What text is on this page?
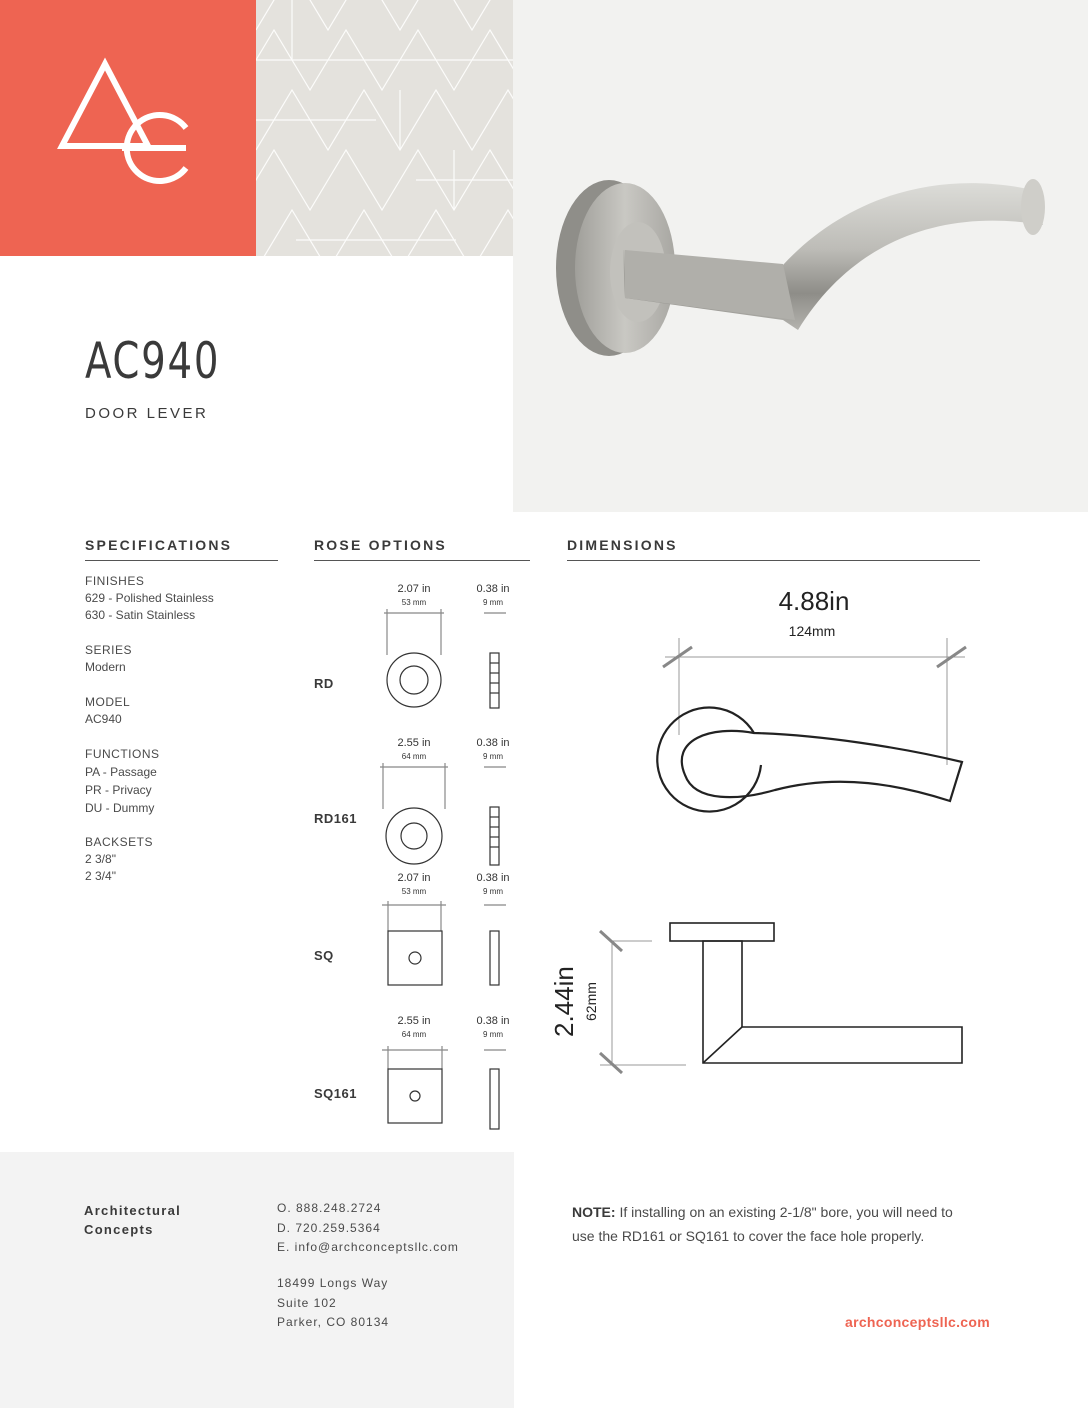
AC940
DOOR LEVER
SPECIFICATIONS	ROSE OPTIONS	DIMENSIONS
FINISHES
629 - Polished Stainless
630 - Satin Stainless
SERIES
Modern
MODEL
AC940
FUNCTIONS
PA - Passage
PR - Privacy
DU - Dummy
BACKSETS
2 3/8"
2 3/4"
RD
RD161
SQ
SQ161
2.07 in
53 mm
0.38 in
9 mm
2.55 in
64 mm
0.38 in
9 mm
2.07 in
53 mm
0.38 in
9 mm
2.55 in
64 mm
0.38 in
9 mm
4.88in
124mm
2.44in 62mm
Architectural
Concepts
O. 888.248.2724
D. 720.259.5364
E. info@archconceptsllc.com
18499 Longs Way
Suite 102
Parker, CO 80134
NOTE: If installing on an existing 2-1/8" bore, you will need to use the RD161 or SQ161 to cover the face hole properly.
archconceptsllc.com
